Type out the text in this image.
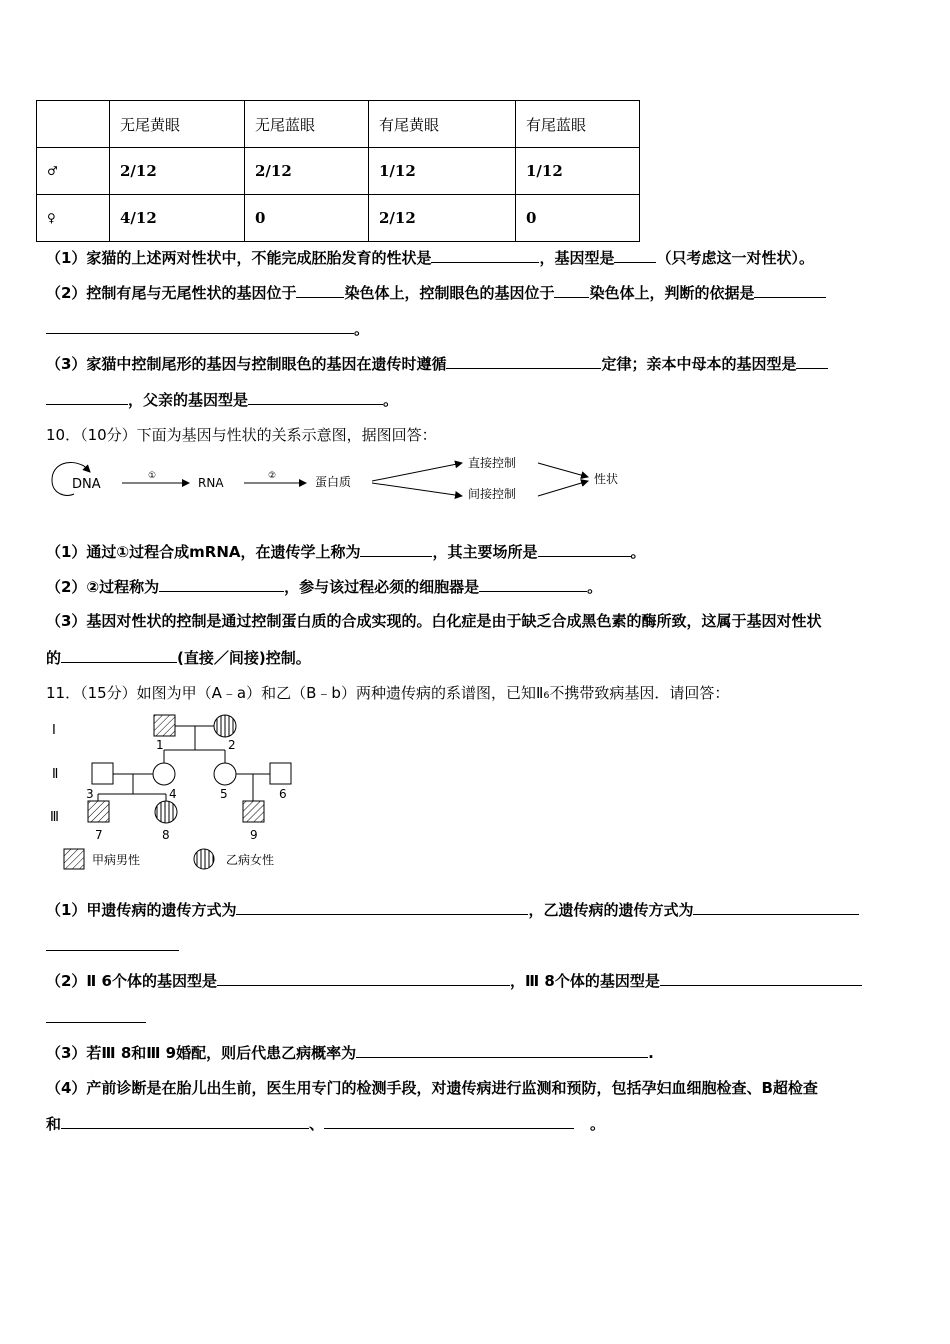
	无尾黄眼	无尾蓝眼	有尾黄眼	有尾蓝眼
♂	2/12	2/12	1/12	1/12
♀	4/12	0	2/12	0
（1）家猫的上述两对性状中，不能完成胚胎发育的性状是	，基因型是	（只考虑这一对性状）。
（2）控制有尾与无尾性状的基因位于	染色体上，控制眼色的基因位于 染色体上，判断的依据是
。
（3）家猫中控制尾形的基因与控制眼色的基因在遗传时遵循	定律；亲本中母本的基因型是
，父亲的基因型是	。
10．（10分）下面为基因与性状的关系示意图，据图回答：
DNA
①	RNA	②	蛋白质
直接控制
间接控制
性状
（1）通过①过程合成mRNA，在遗传学上称为	，其主要场所是	。
（2）②过程称为	，参与该过程必须的细胞器是	。
（3）基因对性状的控制是通过控制蛋白质的合成实现的。白化症是由于缺乏合成黑色素的酶所致，这属于基因对性状
的	(直接／间接)控制。
11．（15分）如图为甲（A﹣a）和乙（B﹣b）两种遗传病的系谱图，已知Ⅱ₆不携带致病基因．请回答：
Ⅰ
Ⅱ
Ⅲ
1	2
3	4	5	6
7	8	9
甲病男性	乙病女性
（1）甲遗传病的遗传方式为	，乙遗传病的遗传方式为
（2）Ⅱ 6个体的基因型是	，Ⅲ 8个体的基因型是
（3）若Ⅲ 8和Ⅲ 9婚配，则后代患乙病概率为	.
（4）产前诊断是在胎儿出生前，医生用专门的检测手段，对遗传病进行监测和预防，包括孕妇血细胞检查、B超检查
和	、	。
